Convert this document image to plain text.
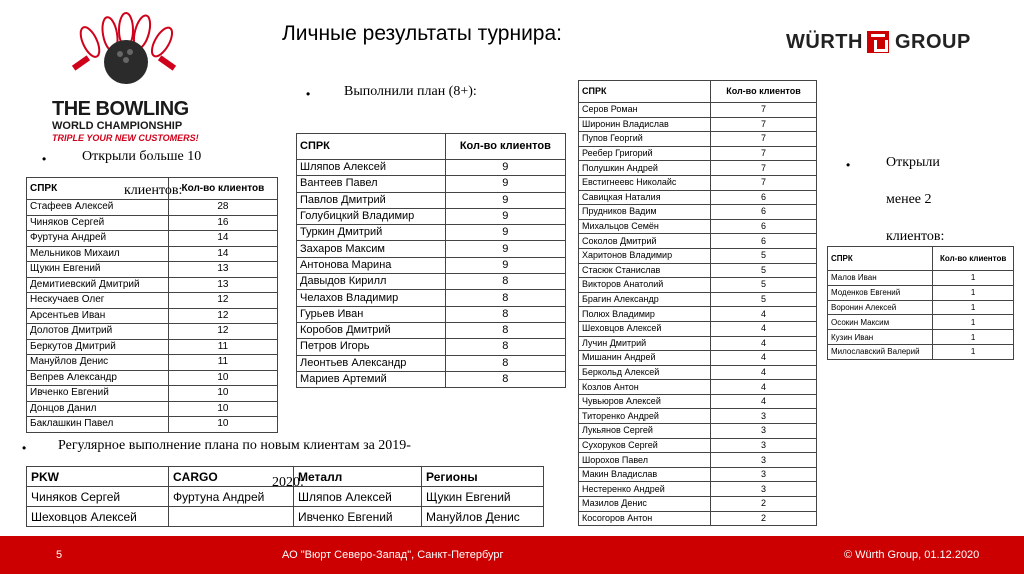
THE BOWLING
WORLD CHAMPIONSHIP
TRIPLE YOUR NEW CUSTOMERS!
Личные результаты турнира:	WÜRTH GROUP
•	Открыли больше 10
клиентов:
СПРК	Кол-во клиентов
Стафеев Алексей	28
Чиняков Сергей	16
Фуртуна Андрей	14
Мельников Михаил	14
Щукин Евгений	13
Демитиевский Дмитрий	13
Нескучаев Олег	12
Арсентьев Иван	12
Долотов Дмитрий	12
Беркутов Дмитрий	11
Мануйлов Денис	11
Вепрев Александр	10
Ивченко Евгений	10
Донцов Данил	10
Баклашкин Павел	10
• Выполнили план (8+):
СПРК	Кол-во клиентов
Шляпов Алексей	9
Вантеев Павел	9
Павлов Дмитрий	9
Голубицкий Владимир	9
Туркин Дмитрий	9
Захаров Максим	9
Антонова Марина	9
Давыдов Кирилл	8
Челахов Владимир	8
Гурьев Иван	8
Коробов Дмитрий	8
Петров Игорь	8
Леонтьев Александр	8
Мариев Артемий	8
СПРК	Кол-во клиентов
Серов Роман	7
Широнин Владислав	7
Пупов Георгий	7
Реебер Григорий	7
Полушкин Андрей	7
Евстигнеевс Николайс	7
Савицкая Наталия	6
Прудников Вадим	6
Михальцов Семён	6
Соколов Дмитрий	6
Харитонов Владимир	5
Стасюк Станислав	5
Викторов Анатолий	5
Брагин Александр	5
Полюх Владимир	4
Шеховцов Алексей	4
Лучин Дмитрий	4
Мишанин Андрей	4
Беркольд Алексей	4
Козлов Антон	4
Чувьюров Алексей	4
Титоренко Андрей	3
Лукьянов Сергей	3
Сухоруков Сергей	3
Шорохов Павел	3
Макин Владислав	3
Нестеренко Андрей	3
Мазилов Денис	2
Косогоров Антон	2
•	Открыли
менее 2
клиентов:
СПРК	Кол-во клиентов
Малов Иван	1
Моденков Евгений	1
Воронин Алексей	1
Осокин Максим	1
Кузин Иван	1
Милославский Валерий	1
• Регулярное выполнение плана по новым клиентам за 2019-
2020:
PKW	CARGO	Металл	Регионы
Чиняков Сергей	Фуртуна Андрей	Шляпов Алексей	Щукин Евгений
Шеховцов Алексей		Ивченко Евгений	Мануйлов Денис
5	АО "Вюрт Северо-Запад", Санкт-Петербург	© Würth Group, 01.12.2020
